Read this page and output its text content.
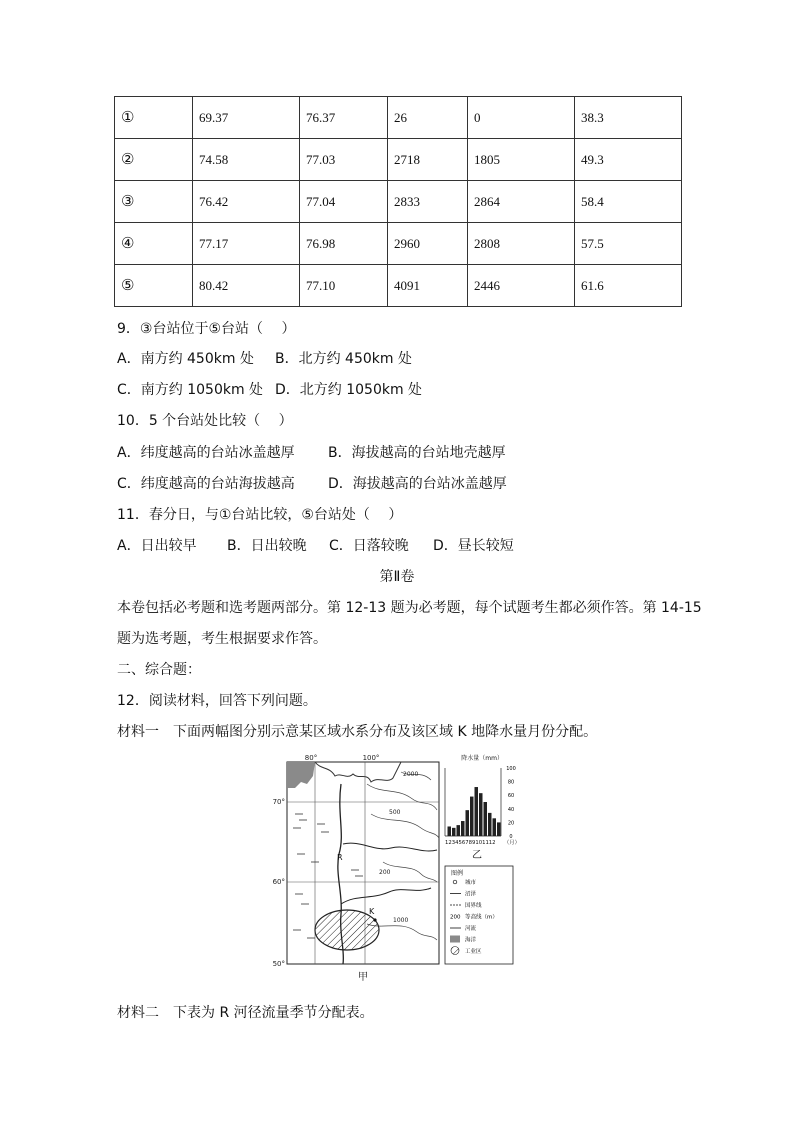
①	69.37	76.37	26	0	38.3
②	74.58	77.03	2718	1805	49.3
③	76.42	77.04	2833	2864	58.4
④	77.17	76.98	2960	2808	57.5
⑤	80.42	77.10	4091	2446	61.6
9．③台站位于⑤台站（　 ）
A．南方约 450km 处 B．北方约 450km 处
C．南方约 1050km 处 D．北方约 1050km 处
10．5 个台站处比较（　 ）
A．纬度越高的台站冰盖越厚 B．海拔越高的台站地壳越厚
C．纬度越高的台站海拔越高 D．海拔越高的台站冰盖越厚
11．春分日，与①台站比较，⑤台站处（　 ）
A．日出较早 B．日出较晚 C．日落较晚 D．昼长较短
第Ⅱ卷
本卷包括必考题和选考题两部分。第 12-13 题为必考题，每个试题考生都必须作答。第 14-15
题为选考题，考生根据要求作答。
二、综合题：
12．阅读材料，回答下列问题。
材料一　下面两幅图分别示意某区域水系分布及该区域 K 地降水量月份分配。
80°	100°
70°
60°
50°
R
K
500
200
1000
2000
甲
降水量（mm）
0
20
40
60
80
100
123456789101112 （月）
乙
图例
城市
沼泽
国界线
200 等高线（m）
河流
海洋
工业区
材料二　下表为 R 河径流量季节分配表。
